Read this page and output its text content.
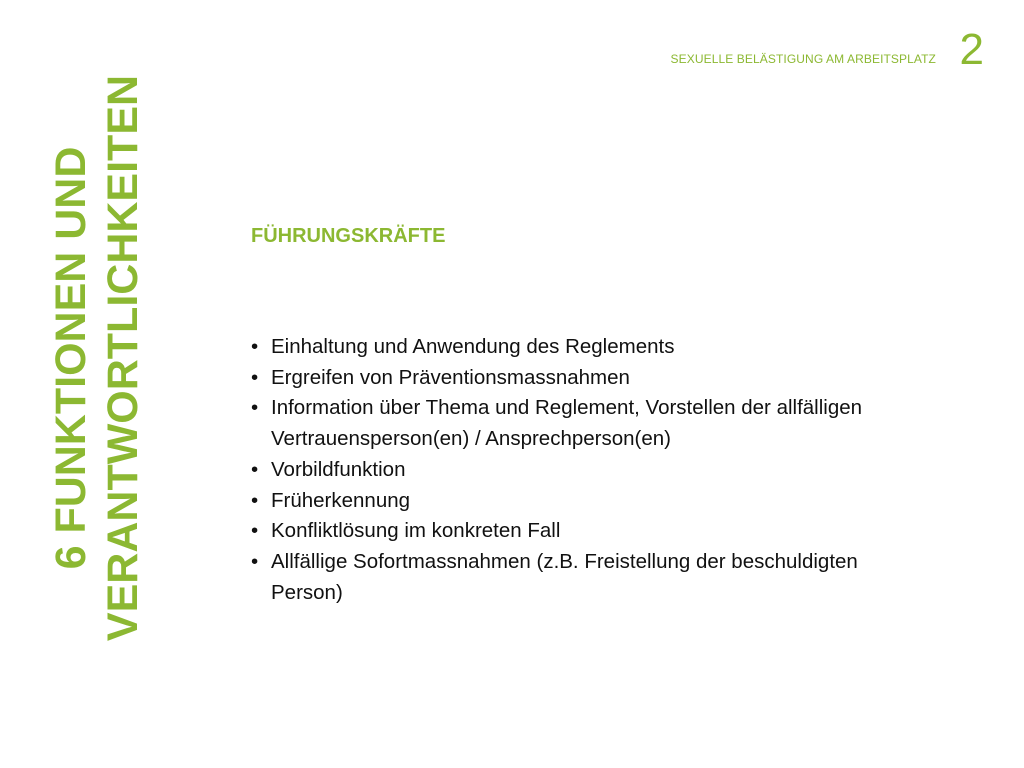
6 FUNKTIONEN UND VERANTWORTLICHKEITEN
SEXUELLE BELÄSTIGUNG AM ARBEITSPLATZ 2
FÜHRUNGSKRÄFTE
• Einhaltung und Anwendung des Reglements
• Ergreifen von Präventionsmassnahmen
• Information über Thema und Reglement, Vorstellen der allfälligen Vertrauensperson(en) / Ansprechperson(en)
• Vorbildfunktion
• Früherkennung
• Konfliktlösung im konkreten Fall
• Allfällige Sofortmassnahmen (z.B. Freistellung der beschuldigten Person)
